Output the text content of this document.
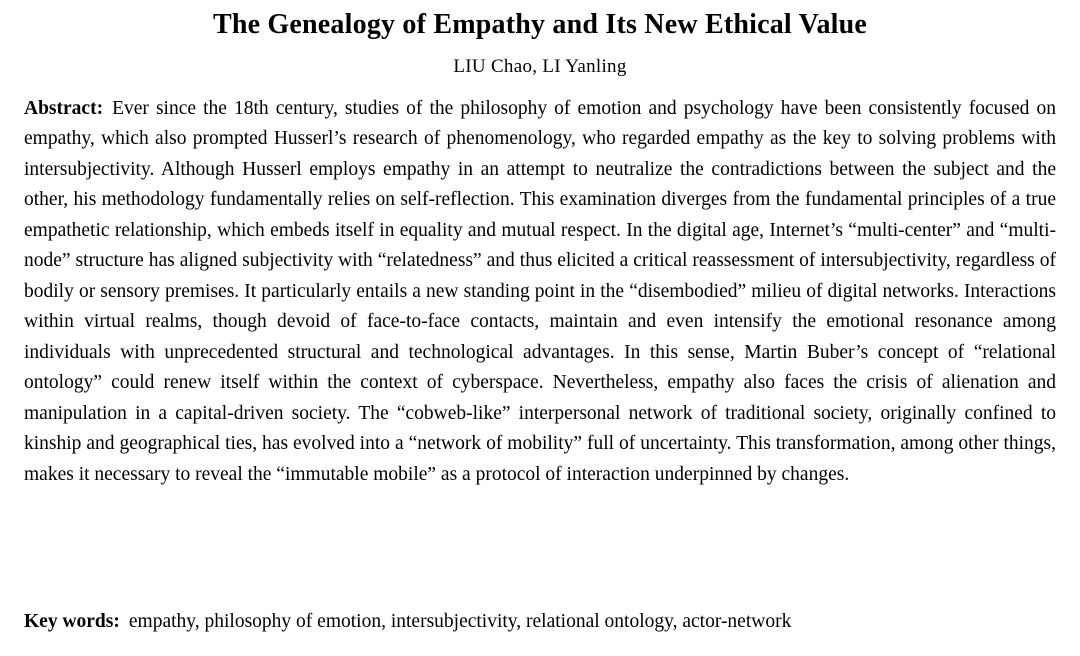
The Genealogy of Empathy and Its New Ethical Value
LIU Chao, LI Yanling
Abstract: Ever since the 18th century, studies of the philosophy of emotion and psychology have been consistently focused on empathy, which also prompted Husserl’s research of phenomenology, who regarded empathy as the key to solving problems with intersubjectivity. Although Husserl employs empathy in an attempt to neutralize the contradictions between the subject and the other, his methodology fundamentally relies on self-reflection. This examination diverges from the fundamental principles of a true empathetic relationship, which embeds itself in equality and mutual respect. In the digital age, Internet’s “multi-center” and “multi-node” structure has aligned subjectivity with “relatedness” and thus elicited a critical reassessment of intersubjectivity, regardless of bodily or sensory premises. It particularly entails a new standing point in the “disembodied” milieu of digital networks. Interactions within virtual realms, though devoid of face-to-face contacts, maintain and even intensify the emotional resonance among individuals with unprecedented structural and technological advantages. In this sense, Martin Buber’s concept of “relational ontology” could renew itself within the context of cyberspace. Nevertheless, empathy also faces the crisis of alienation and manipulation in a capital-driven society. The “cobweb-like” interpersonal network of traditional society, originally confined to kinship and geographical ties, has evolved into a “network of mobility” full of uncertainty. This transformation, among other things, makes it necessary to reveal the “immutable mobile” as a protocol of interaction underpinned by changes.
Key words: empathy, philosophy of emotion, intersubjectivity, relational ontology, actor-network
